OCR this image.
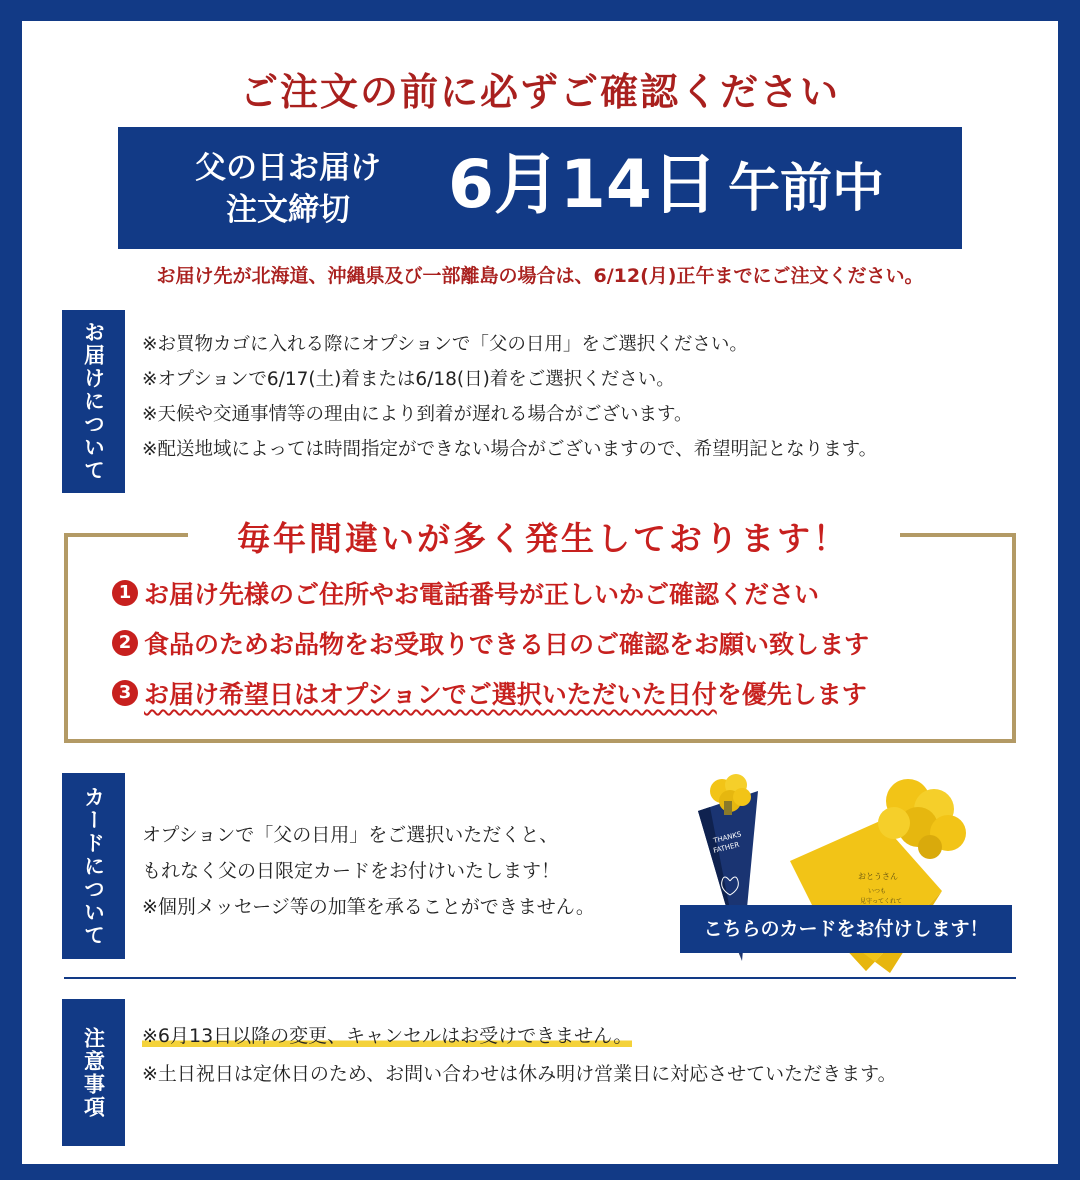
ご注文の前に必ずご確認ください
父の日お届け
注文締切	6月14日 午前中
お届け先が北海道、沖縄県及び一部離島の場合は、6/12(月)正午までにご注文ください。
お届けについて ※お買物カゴに入れる際にオプションで「父の日用」をご選択ください。
※オプションで6/17(土)着または6/18(日)着をご選択ください。
※天候や交通事情等の理由により到着が遅れる場合がございます。
※配送地域によっては時間指定ができない場合がございますので、希望明記となります。
毎年間違いが多く発生しております！
1 お届け先様のご住所やお電話番号が正しいかご確認ください
2 食品のためお品物をお受取りできる日のご確認をお願い致します
3 お届け希望日はオプションでご選択いただいた日付 を優先します
カードについて オプションで「父の日用」をご選択いただくと、
もれなく父の日限定カードをお付けいたします！
※個別メッセージ等の加筆を承ることができません。
THANKS
FATHER
おとうさん
いつも
見守ってくれて
こちらのカードをお付けします！
注意事項 ※6月13日以降の変更、キャンセルはお受けできません。
※土日祝日は定休日のため、お問い合わせは休み明け営業日に対応させていただきます。
